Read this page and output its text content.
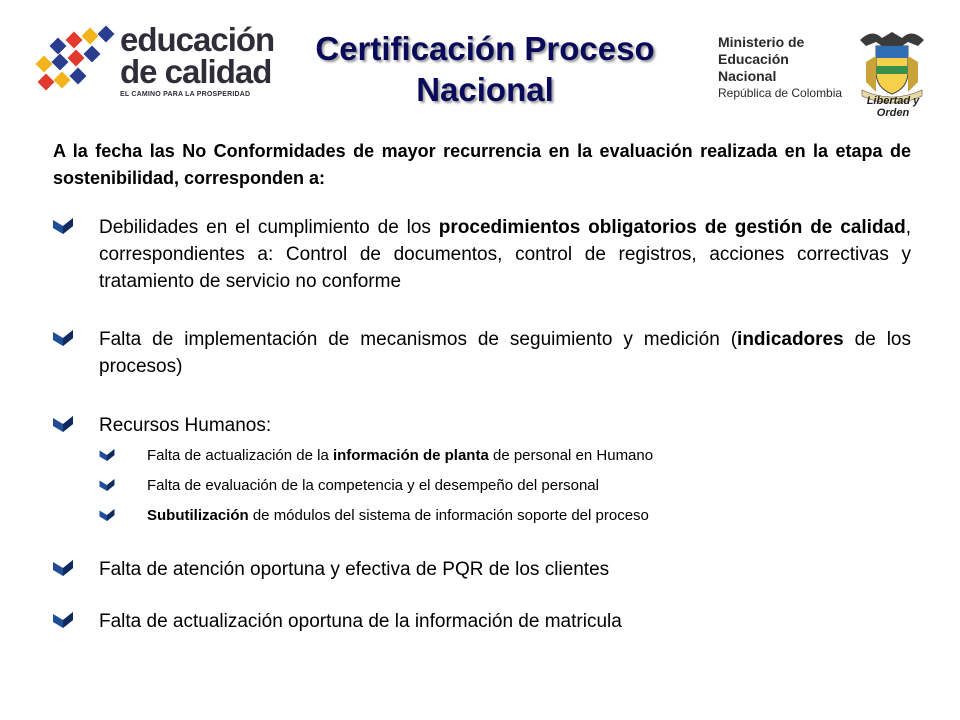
educación
de calidad
EL CAMINO PARA LA PROSPERIDAD
Certificación Proceso
Nacional
Ministerio de
Educación Nacional
República de Colombia
Libertad y Orden
A la fecha las No Conformidades de mayor recurrencia en la evaluación realizada en la etapa de sostenibilidad, corresponden a:
Debilidades en el cumplimiento de los procedimientos obligatorios de gestión de calidad, correspondientes a: Control de documentos, control de registros, acciones correctivas y tratamiento de servicio no conforme
Falta de implementación de mecanismos de seguimiento y medición (indicadores de los procesos)
Recursos Humanos:
Falta de actualización de la información de planta de personal en Humano
Falta de evaluación de la competencia y el desempeño del personal
Subutilización de módulos del sistema de información soporte del proceso
Falta de atención oportuna y efectiva de PQR de los clientes
Falta de actualización oportuna de la información de matricula
